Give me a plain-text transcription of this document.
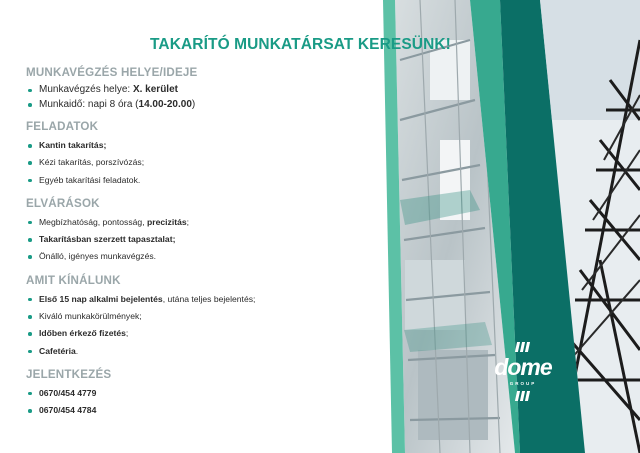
TAKARÍTÓ MUNKATÁRSAT KERESÜNK!
MUNKAVÉGZÉS HELYE/IDEJE
Munkavégzés helye: X. kerület
Munkaidő: napi 8 óra (14.00-20.00)
FELADATOK
Kantin takarítás;
Kézi takarítás, porszívózás;
Egyéb takarítási feladatok.
ELVÁRÁSOK
Megbízhatóság, pontosság, precizitás;
Takarításban szerzett tapasztalat;
Önálló, igényes munkavégzés.
AMIT KÍNÁLUNK
Első 15 nap alkalmi bejelentés, utána teljes bejelentés;
Kiváló munkakörülmények;
Időben érkező fizetés;
Cafetéria.
JELENTKEZÉS
0670/454 4779
0670/454 4784
dome
GROUP
